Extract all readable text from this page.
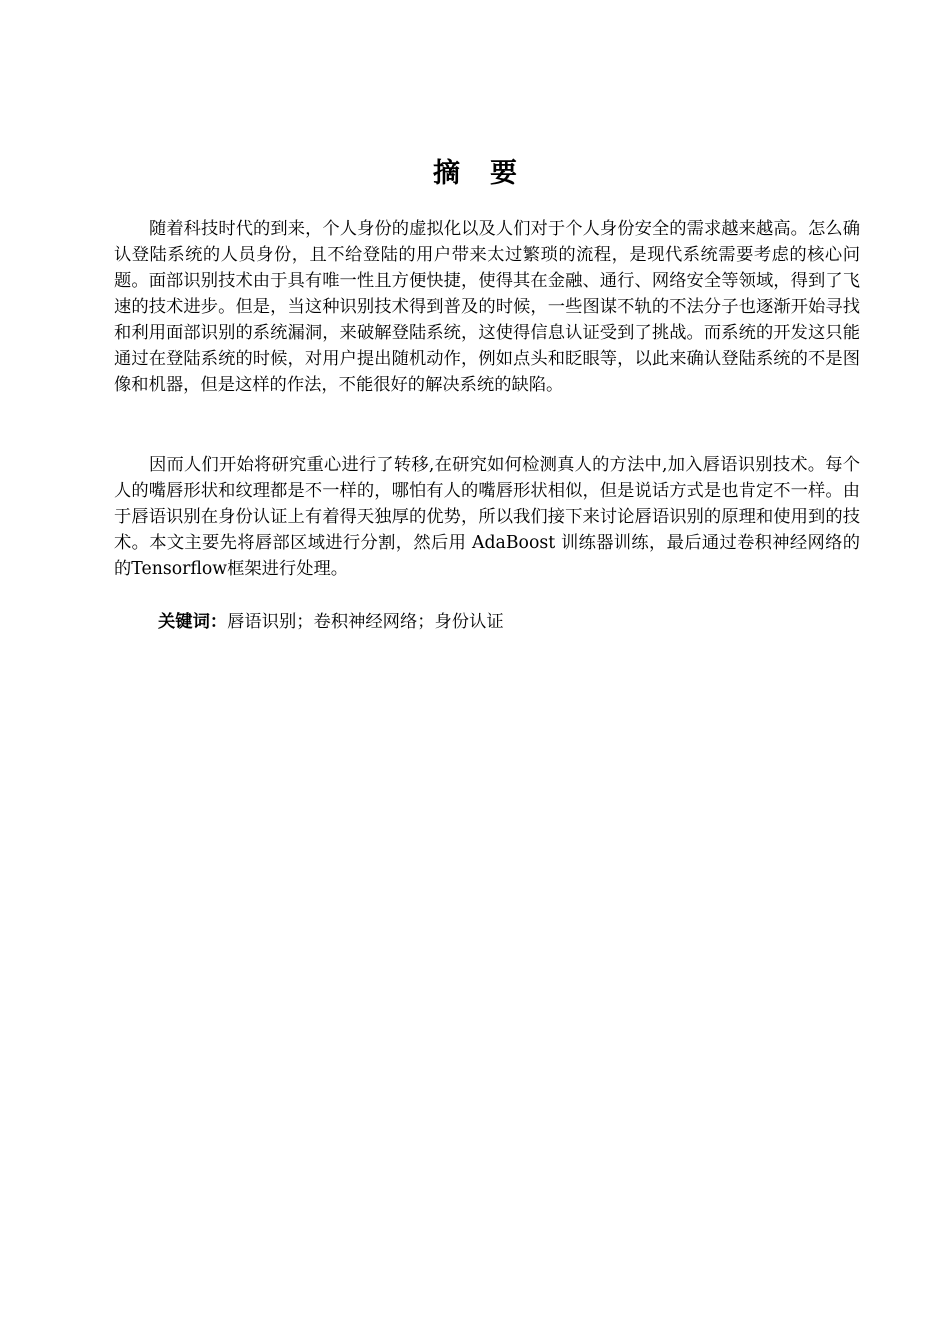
摘要

随着科技时代的到来，个人身份的虚拟化以及人们对于个人身份安全的需求越来越高。怎么确认登陆系统的人员身份，且不给登陆的用户带来太过繁琐的流程，是现代系统需要考虑的核心问题。面部识别技术由于具有唯一性且方便快捷，使得其在金融、通行、网络安全等领域，得到了飞速的技术进步。但是，当这种识别技术得到普及的时候，一些图谋不轨的不法分子也逐渐开始寻找和利用面部识别的系统漏洞，来破解登陆系统，这使得信息认证受到了挑战。而系统的开发这只能通过在登陆系统的时候，对用户提出随机动作，例如点头和眨眼等，以此来确认登陆系统的不是图像和机器，但是这样的作法，不能很好的解决系统的缺陷。

因而人们开始将研究重心进行了转移,在研究如何检测真人的方法中,加入唇语识别技术。每个人的嘴唇形状和纹理都是不一样的，哪怕有人的嘴唇形状相似，但是说话方式是也肯定不一样。由于唇语识别在身份认证上有着得天独厚的优势，所以我们接下来讨论唇语识别的原理和使用到的技术。本文主要先将唇部区域进行分割，然后用 AdaBoost 训练器训练，最后通过卷积神经网络的的Tensorflow框架进行处理。

关键词：唇语识别；卷积神经网络；身份认证
